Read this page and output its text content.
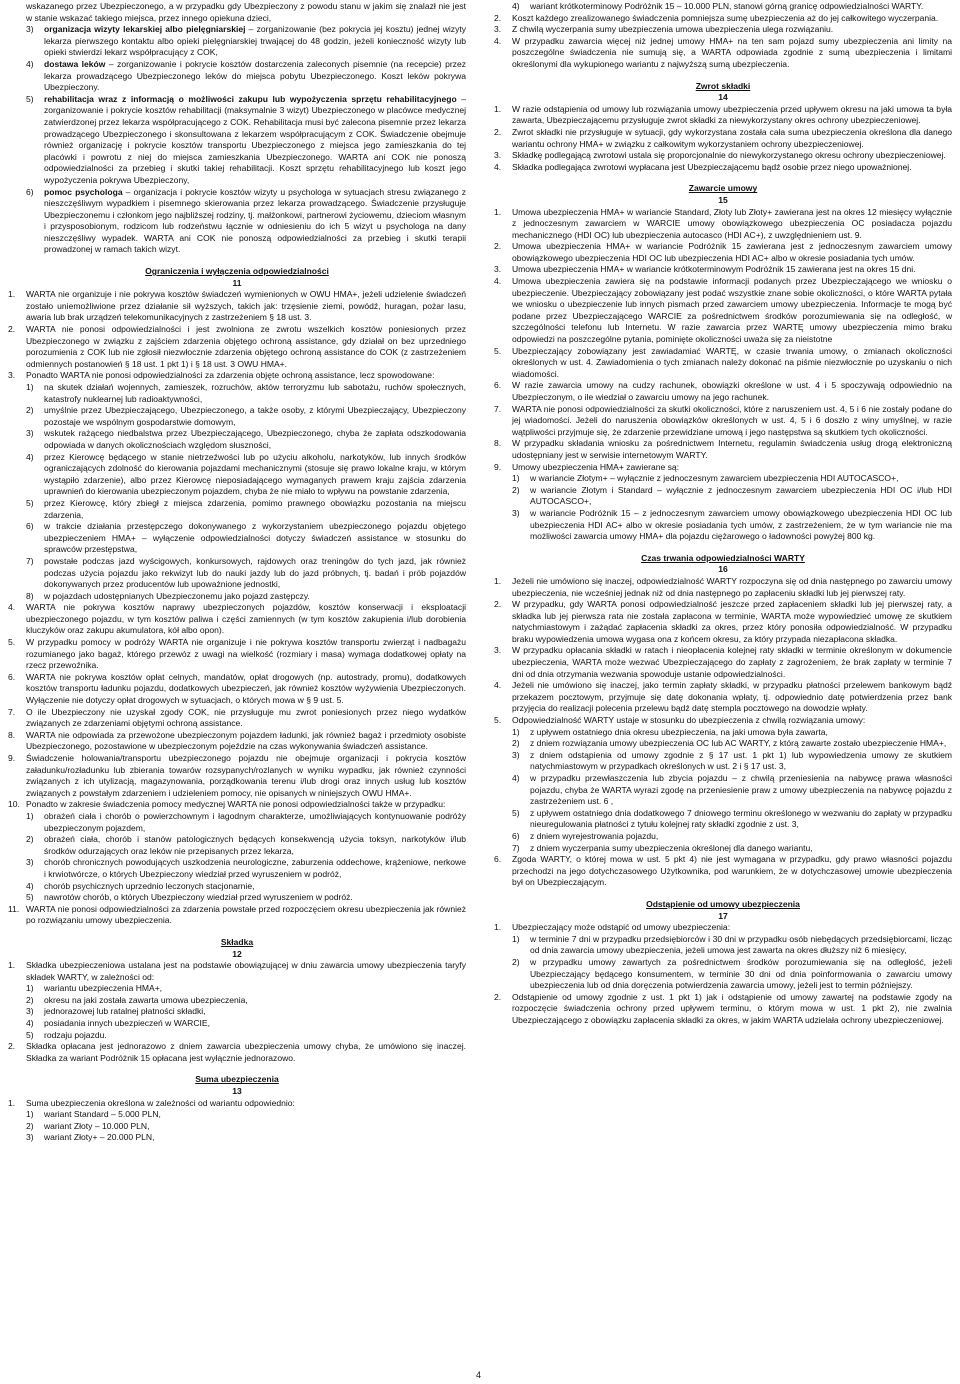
wskazanego przez Ubezpieczonego, a w przypadku gdy Ubezpieczony z powodu stanu w jakim się znalazł nie jest w stanie wskazać takiego miejsca, przez innego opiekuna dzieci,
3) organizacja wizyty lekarskiej albo pielęgniarskiej – zorganizowanie (bez pokrycia jej kosztu) jednej wizyty lekarza pierwszego kontaktu albo opieki pielęgniarskiej trwającej do 48 godzin, jeżeli konieczność wizyty lub opieki stwierdzi lekarz współpracujący z COK,
4) dostawa leków – zorganizowanie i pokrycie kosztów dostarczenia zaleconych pisemnie (na recepcie) przez lekarza prowadzącego Ubezpieczonego leków do miejsca pobytu Ubezpieczonego. Koszt leków pokrywa Ubezpieczony.
5) rehabilitacja wraz z informacją o możliwości zakupu lub wypożyczenia sprzętu rehabilitacyjnego – zorganizowanie i pokrycie kosztów rehabilitacji (maksymalnie 3 wizyt) Ubezpieczonego w placówce medycznej zatwierdzonej przez lekarza współpracującego z COK. Rehabilitacja musi być zalecona pisemnie przez lekarza prowadzącego Ubezpieczonego i skonsultowana z lekarzem współpracującym z COK. Świadczenie obejmuje również organizację i pokrycie kosztów transportu Ubezpieczonego z miejsca jego zamieszkania do tej placówki i powrotu z niej do miejsca zamieszkania Ubezpieczonego. WARTA ani COK nie ponoszą odpowiedzialności za przebieg i skutki takiej rehabilitacji. Koszt sprzętu rehabilitacyjnego lub koszt jego wypożyczenia pokrywa Ubezpieczony,
6) pomoc psychologa – organizacja i pokrycie kosztów wizyty u psychologa w sytuacjach stresu związanego z nieszczęśliwym wypadkiem i pisemnego skierowania przez lekarza prowadzącego. Świadczenie przysługuje Ubezpieczonemu i członkom jego najbliższej rodziny, tj. małżonkowi, partnerowi życiowemu, dzieciom własnym i przysposobionym, rodzicom lub rodzeństwu łącznie w odniesieniu do ich 5 wizyt u psychologa na dany nieszczęśliwy wypadek. WARTA ani COK nie ponoszą odpowiedzialności za przebieg i skutki terapii prowadzonej w ramach takich wizyt.
Ograniczenia i wyłączenia odpowiedzialności
11
1. WARTA nie organizuje i nie pokrywa kosztów świadczeń wymienionych w OWU HMA+, jeżeli udzielenie świadczeń zostało uniemożliwione przez działanie sił wyższych, takich jak: trzęsienie ziemi, powódź, huragan, pożar lasu, awaria lub brak urządzeń telekomunikacyjnych z zastrzeżeniem § 18 ust. 3.
2. WARTA nie ponosi odpowiedzialności i jest zwolniona ze zwrotu wszelkich kosztów poniesionych przez Ubezpieczonego w związku z zajściem zdarzenia objętego ochroną assistance, gdy działał on bez uprzedniego porozumienia z COK lub nie zgłosił niezwłocznie zdarzenia objętego ochroną assistance do COK (z zastrzeżeniem odmiennych postanowień § 18 ust. 1 pkt 1) i § 18 ust. 3 OWU HMA+.
3. Ponadto WARTA nie ponosi odpowiedzialności za zdarzenia objęte ochroną assistance, lecz spowodowane:
1) na skutek działań wojennych, zamieszek, rozruchów, aktów terroryzmu lub sabotażu, ruchów społecznych, katastrofy nuklearnej lub radioaktywności,
2) umyślnie przez Ubezpieczającego, Ubezpieczonego, a także osoby, z którymi Ubezpieczający, Ubezpieczony pozostaje we wspólnym gospodarstwie domowym,
3) wskutek rażącego niedbalstwa przez Ubezpieczającego, Ubezpieczonego, chyba że zapłata odszkodowania odpowiada w danych okolicznościach względom słuszności,
4) przez Kierowcę będącego w stanie nietrzeźwości lub po użyciu alkoholu, narkotyków, lub innych środków ograniczających zdolność do kierowania pojazdami mechanicznymi (stosuje się prawo lokalne kraju, w którym wystąpiło zdarzenie), albo przez Kierowcę nieposiadającego wymaganych prawem kraju zajścia zdarzenia uprawnień do kierowania ubezpieczonym pojazdem, chyba że nie miało to wpływu na powstanie zdarzenia,
5) przez Kierowcę, który zbiegł z miejsca zdarzenia, pomimo prawnego obowiązku pozostania na miejscu zdarzenia,
6) w trakcie działania przestępczego dokonywanego z wykorzystaniem ubezpieczonego pojazdu objętego ubezpieczeniem HMA+ – wyłączenie odpowiedzialności dotyczy świadczeń assistance w stosunku do sprawców przestępstwa,
7) powstałe podczas jazd wyścigowych, konkursowych, rajdowych oraz treningów do tych jazd, jak również podczas użycia pojazdu jako rekwizyt lub do nauki jazdy lub do jazd próbnych, tj. badań i prób pojazdów dokonywanych przez producentów lub upoważnione jednostki,
8) w pojazdach udostępnianych Ubezpieczonemu jako pojazd zastępczy.
4. WARTA nie pokrywa kosztów naprawy ubezpieczonych pojazdów, kosztów konserwacji i eksploatacji ubezpieczonego pojazdu, w tym kosztów paliwa i części zamiennych (w tym kosztów zakupienia i/lub dorobienia kluczyków oraz zakupu akumulatora, kół albo opon).
5. W przypadku pomocy w podróży WARTA nie organizuje i nie pokrywa kosztów transportu zwierząt i nadbagażu rozumianego jako bagaż, którego przewóz z uwagi na wielkość (rozmiary i masa) wymaga dodatkowej opłaty na rzecz przewoźnika.
6. WARTA nie pokrywa kosztów opłat celnych, mandatów, opłat drogowych (np. autostrady, promu), dodatkowych kosztów transportu ładunku pojazdu, dodatkowych ubezpieczeń, jak również kosztów wyżywienia Ubezpieczonych. Wyłączenie nie dotyczy opłat drogowych w sytuacjach, o których mowa w § 9 ust. 5.
7. O ile Ubezpieczony nie uzyskał zgody COK, nie przysługuje mu zwrot poniesionych przez niego wydatków związanych ze zdarzeniami objętymi ochroną assistance.
8. WARTA nie odpowiada za przewożone ubezpieczonym pojazdem ładunki, jak również bagaż i przedmioty osobiste Ubezpieczonego, pozostawione w ubezpieczonym pojeździe na czas wykonywania świadczeń assistance.
9. Świadczenie holowania/transportu ubezpieczonego pojazdu nie obejmuje organizacji i pokrycia kosztów załadunku/rozładunku lub zbierania towarów rozsypanych/rozlanych w wyniku wypadku, jak również czynności związanych z ich utylizacją, magazynowania, porządkowania terenu i/lub drogi oraz innych usług lub kosztów związanych z powstałym zdarzeniem i udzieleniem pomocy, nie opisanych w niniejszych OWU HMA+.
10. Ponadto w zakresie świadczenia pomocy medycznej WARTA nie ponosi odpowiedzialności także w przypadku:
1) obrażeń ciała i chorób o powierzchownym i łagodnym charakterze, umożliwiających kontynuowanie podróży ubezpieczonym pojazdem,
2) obrażeń ciała, chorób i stanów patologicznych będących konsekwencją użycia toksyn, narkotyków i/lub środków odurzających oraz leków nie przepisanych przez lekarza,
3) chorób chronicznych powodujących uszkodzenia neurologiczne, zaburzenia oddechowe, krążeniowe, nerkowe i krwiotwórcze, o których Ubezpieczony wiedział przed wyruszeniem w podróż,
4) chorób psychicznych uprzednio leczonych stacjonarnie,
5) nawrotów chorób, o których Ubezpieczony wiedział przed wyruszeniem w podróż.
11. WARTA nie ponosi odpowiedzialności za zdarzenia powstałe przed rozpoczęciem okresu ubezpieczenia jak również po rozwiązaniu umowy ubezpieczenia.
Składka
12
1. Składka ubezpieczeniowa ustalana jest na podstawie obowiązującej w dniu zawarcia umowy ubezpieczenia taryfy składek WARTY, w zależności od:
1) wariantu ubezpieczenia HMA+,
2) okresu na jaki została zawarta umowa ubezpieczenia,
3) jednorazowej lub ratalnej płatności składki,
4) posiadania innych ubezpieczeń w WARCIE,
5) rodzaju pojazdu.
2. Składka opłacana jest jednorazowo z dniem zawarcia ubezpieczenia umowy chyba, że umówiono się inaczej. Składka za wariant Podróżnik 15 opłacana jest wyłącznie jednorazowo.
Suma ubezpieczenia
13
1. Suma ubezpieczenia określona w zależności od wariantu odpowiednio:
1) wariant Standard – 5.000 PLN,
2) wariant Złoty – 10.000 PLN,
3) wariant Złoty+ – 20.000 PLN,
4) wariant krótkoterminowy Podróżnik 15 – 10.000 PLN, stanowi górną granicę odpowiedzialności WARTY.
2. Koszt każdego zrealizowanego świadczenia pomniejsza sumę ubezpieczenia aż do jej całkowitego wyczerpania.
3. Z chwilą wyczerpania sumy ubezpieczenia umowa ubezpieczenia ulega rozwiązaniu.
4. W przypadku zawarcia więcej niż jednej umowy HMA+ na ten sam pojazd sumy ubezpieczenia ani limity na poszczególne świadczenia nie sumują się, a WARTA odpowiada zgodnie z sumą ubezpieczenia i limitami określonymi dla wykupionego wariantu z najwyższą sumą ubezpieczenia.
Zwrot składki
14
1. W razie odstąpienia od umowy lub rozwiązania umowy ubezpieczenia przed upływem okresu na jaki umowa ta była zawarta, Ubezpieczającemu przysługuje zwrot składki za niewykorzystany okres ochrony ubezpieczeniowej.
2. Zwrot składki nie przysługuje w sytuacji, gdy wykorzystana została cała suma ubezpieczenia określona dla danego wariantu ochrony HMA+ w związku z całkowitym wykorzystaniem ochrony ubezpieczeniowej.
3. Składkę podlegającą zwrotowi ustala się proporcjonalnie do niewykorzystanego okresu ochrony ubezpieczeniowej.
4. Składka podlegająca zwrotowi wypłacana jest Ubezpieczającemu bądź osobie przez niego upoważnionej.
Zawarcie umowy
15
1. Umowa ubezpieczenia HMA+ w wariancie Standard, Złoty lub Złoty+ zawierana jest na okres 12 miesięcy wyłącznie z jednoczesnym zawarciem w WARCIE umowy obowiązkowego ubezpieczenia OC posiadacza pojazdu mechanicznego (HDI OC) lub ubezpieczenia autocasco (HDI AC+), z uwzględnieniem ust. 9.
2. Umowa ubezpieczenia HMA+ w wariancie Podróżnik 15 zawierana jest z jednoczesnym zawarciem umowy obowiązkowego ubezpieczenia HDI OC lub ubezpieczenia HDI AC+ albo w okresie posiadania tych umów.
3. Umowa ubezpieczenia HMA+ w wariancie krótkoterminowym Podróżnik 15 zawierana jest na okres 15 dni.
4. Umowa ubezpieczenia zawiera się na podstawie informacji podanych przez Ubezpieczającego we wniosku o ubezpieczenie. Ubezpieczający zobowiązany jest podać wszystkie znane sobie okoliczności, o które WARTA pytała we wniosku o ubezpieczenie lub innych pismach przed zawarciem umowy ubezpieczenia. Informacje te mogą być podane przez Ubezpieczającego WARCIE za pośrednictwem środków porozumiewania się na odległość, w szczególności telefonu lub Internetu. W razie zawarcia przez WARTĘ umowy ubezpieczenia mimo braku odpowiedzi na poszczególne pytania, pominięte okoliczności uważa się za nieistotne
5. Ubezpieczający zobowiązany jest zawiadamiać WARTĘ, w czasie trwania umowy, o zmianach okoliczności określonych w ust. 4. Zawiadomienia o tych zmianach należy dokonać na piśmie niezwłocznie po uzyskaniu o nich wiadomości.
6. W razie zawarcia umowy na cudzy rachunek, obowiązki określone w ust. 4 i 5 spoczywają odpowiednio na Ubezpieczonym, o ile wiedział o zawarciu umowy na jego rachunek.
7. WARTA nie ponosi odpowiedzialności za skutki okoliczności, które z naruszeniem ust. 4, 5 i 6 nie zostały podane do jej wiadomości. Jeżeli do naruszenia obowiązków określonych w ust. 4, 5 i 6 doszło z winy umyślnej, w razie wątpliwości przyjmuje się, że zdarzenie przewidziane umową i jego następstwa są skutkiem tych okoliczności.
8. W przypadku składania wniosku za pośrednictwem Internetu, regulamin świadczenia usług drogą elektroniczną udostępniany jest w serwisie internetowym WARTY.
9. Umowy ubezpieczenia HMA+ zawierane są:
1) w wariancie Złotym+ – wyłącznie z jednoczesnym zawarciem ubezpieczenia HDI AUTOCASCO+,
2) w wariancie Złotym i Standard – wyłącznie z jednoczesnym zawarciem ubezpieczenia HDI OC i/lub HDI AUTOCASCO+,
3) w wariancie Podróżnik 15 – z jednoczesnym zawarciem umowy obowiązkowego ubezpieczenia HDI OC lub ubezpieczenia HDI AC+ albo w okresie posiadania tych umów, z zastrzeżeniem, że w tym wariancie nie ma możliwości zawarcia umowy HMA+ dla pojazdu ciężarowego o ładowności powyżej 800 kg.
Czas trwania odpowiedzialności WARTY
16
1. Jeżeli nie umówiono się inaczej, odpowiedzialność WARTY rozpoczyna się od dnia następnego po zawarciu umowy ubezpieczenia, nie wcześniej jednak niż od dnia następnego po zapłaceniu składki lub jej pierwszej raty.
2. W przypadku, gdy WARTA ponosi odpowiedzialność jeszcze przed zapłaceniem składki lub jej pierwszej raty, a składka lub jej pierwsza rata nie została zapłacona w terminie, WARTA może wypowiedzieć umowę ze skutkiem natychmiastowym i zażądać zapłacenia składki za okres, przez który ponosiła odpowiedzialność. W przypadku braku wypowiedzenia umowa wygasa ona z końcem okresu, za który przypada niezapłacona składka.
3. W przypadku opłacania składki w ratach i nieopłacenia kolejnej raty składki w terminie określonym w dokumencie ubezpieczenia, WARTA może wezwać Ubezpieczającego do zapłaty z zagrożeniem, że brak zapłaty w terminie 7 dni od dnia otrzymania wezwania spowoduje ustanie odpowiedzialności.
4. Jeżeli nie umówiono się inaczej, jako termin zapłaty składki, w przypadku płatności przelewem bankowym bądź przekazem pocztowym, przyjmuje się datę dokonania wpłaty, tj. odpowiednio datę potwierdzenia przez bank przyjęcia do realizacji polecenia przelewu bądź datę stempla pocztowego na dowodzie wpłaty.
5. Odpowiedzialność WARTY ustaje w stosunku do ubezpieczenia z chwilą rozwiązania umowy:
1) z upływem ostatniego dnia okresu ubezpieczenia, na jaki umowa była zawarta,
2) z dniem rozwiązania umowy ubezpieczenia OC lub AC WARTY, z którą zawarte zostało ubezpieczenie HMA+,
3) z dniem odstąpienia od umowy zgodnie z § 17 ust. 1 pkt 1) lub wypowiedzenia umowy ze skutkiem natychmiastowym w przypadkach określonych w ust. 2 i § 17 ust. 3,
4) w przypadku przewłaszczenia lub zbycia pojazdu – z chwilą przeniesienia na nabywcę prawa własności pojazdu, chyba że WARTA wyrazi zgodę na przeniesienie praw z umowy ubezpieczenia na nabywcę pojazdu z zastrzeżeniem ust. 6 ,
5) z upływem ostatniego dnia dodatkowego 7 dniowego terminu określonego w wezwaniu do zapłaty w przypadku nieuregulowania płatności z tytułu kolejnej raty składki zgodnie z ust. 3,
6) z dniem wyrejestrowania pojazdu,
7) z dniem wyczerpania sumy ubezpieczenia określonej dla danego wariantu,
6. Zgoda WARTY, o której mowa w ust. 5 pkt 4) nie jest wymagana w przypadku, gdy prawo własności pojazdu przechodzi na jego dotychczasowego Użytkownika, pod warunkiem, że w dotychczasowej umowie ubezpieczenia był on Ubezpieczającym.
Odstąpienie od umowy ubezpieczenia
17
1. Ubezpieczający może odstąpić od umowy ubezpieczenia:
1) w terminie 7 dni w przypadku przedsiębiorców i 30 dni w przypadku osób niebędących przedsiębiorcami, licząc od dnia zawarcia umowy ubezpieczenia, jeżeli umowa jest zawarta na okres dłuższy niż 6 miesięcy,
2) w przypadku umowy zawartych za pośrednictwem środków porozumiewania się na odległość, jeżeli Ubezpieczający będącego konsumentem, w terminie 30 dni od dnia poinformowania o zawarciu umowy ubezpieczenia lub od dnia doręczenia potwierdzenia zawarcia umowy, jeżeli jest to termin późniejszy.
2. Odstąpienie od umowy zgodnie z ust. 1 pkt 1) jak i odstąpienie od umowy zawartej na podstawie zgody na rozpoczęcie świadczenia ochrony przed upływem terminu, o którym mowa w ust. 1 pkt 2), nie zwalnia Ubezpieczającego z obowiązku zapłacenia składki za okres, w jakim WARTA udzielała ochrony ubezpieczeniowej.
4
